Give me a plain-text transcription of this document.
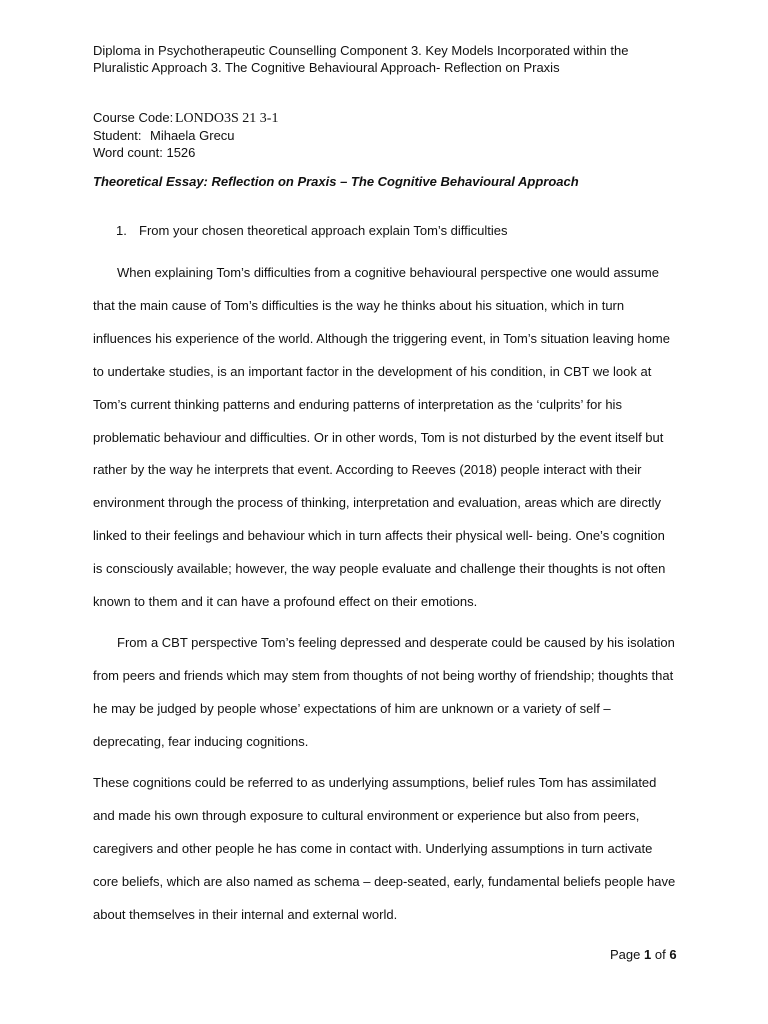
Diploma in Psychotherapeutic Counselling Component 3. Key Models Incorporated within the
Pluralistic Approach 3. The Cognitive Behavioural Approach- Reflection on Praxis
Course Code: LONDO3S 21 3-1
Student: Mihaela Grecu
Word count: 1526
Theoretical Essay: Reflection on Praxis – The Cognitive Behavioural Approach
1. From your chosen theoretical approach explain Tom’s difficulties
When explaining Tom’s difficulties from a cognitive behavioural perspective one would assume that the main cause of Tom’s difficulties is the way he thinks about his situation, which in turn influences his experience of the world. Although the triggering event, in Tom’s situation leaving home to undertake studies, is an important factor in the development of his condition, in CBT we look at Tom’s current thinking patterns and enduring patterns of interpretation as the ‘culprits’ for his problematic behaviour and difficulties. Or in other words, Tom is not disturbed by the event itself but rather by the way he interprets that event. According to Reeves (2018) people interact with their environment through the process of thinking, interpretation and evaluation, areas which are directly linked to their feelings and behaviour which in turn affects their physical well- being. One’s cognition is consciously available; however, the way people evaluate and challenge their thoughts is not often known to them and it can have a profound effect on their emotions.
From a CBT perspective Tom’s feeling depressed and desperate could be caused by his isolation from peers and friends which may stem from thoughts of not being worthy of friendship; thoughts that he may be judged by people whose’ expectations of him are unknown or a variety of self – deprecating, fear inducing cognitions.
These cognitions could be referred to as underlying assumptions, belief rules Tom has assimilated and made his own through exposure to cultural environment or experience but also from peers, caregivers and other people he has come in contact with. Underlying assumptions in turn activate core beliefs, which are also named as schema – deep-seated, early, fundamental beliefs people have about themselves in their internal and external world.
Page 1 of 6
